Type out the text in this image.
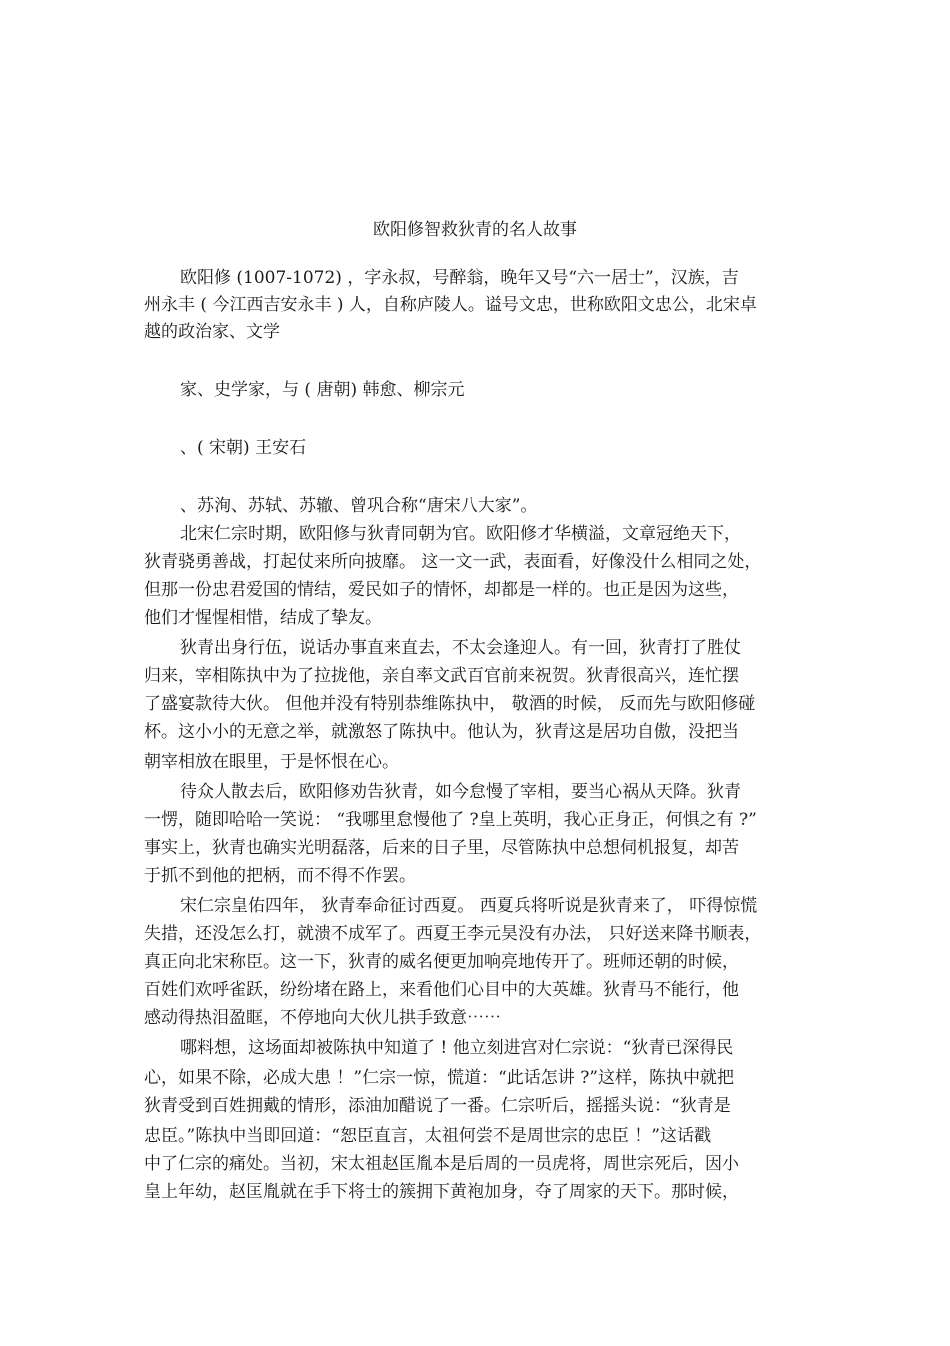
欧阳修智救狄青的名人故事
欧阳修 (1007-1072) ，字永叔，号醉翁，晚年又号“六一居士”，汉族，吉
州永丰 ( 今江西吉安永丰 ) 人，自称庐陵人。谥号文忠，世称欧阳文忠公，北宋卓
越的政治家、文学
家、史学家，与 ( 唐朝) 韩愈、柳宗元
、( 宋朝) 王安石
、苏洵、苏轼、苏辙、曾巩合称“唐宋八大家”。
北宋仁宗时期，欧阳修与狄青同朝为官。欧阳修才华横溢，文章冠绝天下，
狄青骁勇善战，打起仗来所向披靡。 这一文一武，表面看，好像没什么相同之处，
但那一份忠君爱国的情结，爱民如子的情怀，却都是一样的。也正是因为这些，
他们才惺惺相惜，结成了挚友。
狄青出身行伍，说话办事直来直去，不太会逢迎人。有一回，狄青打了胜仗
归来，宰相陈执中为了拉拢他，亲自率文武百官前来祝贺。狄青很高兴，连忙摆
了盛宴款待大伙。 但他并没有特别恭维陈执中， 敬酒的时候， 反而先与欧阳修碰
杯。这小小的无意之举，就激怒了陈执中。他认为，狄青这是居功自傲，没把当
朝宰相放在眼里，于是怀恨在心。
待众人散去后，欧阳修劝告狄青，如今怠慢了宰相，要当心祸从天降。狄青
一愣，随即哈哈一笑说： “我哪里怠慢他了 ?皇上英明，我心正身正，何惧之有 ?”
事实上，狄青也确实光明磊落，后来的日子里，尽管陈执中总想伺机报复，却苦
于抓不到他的把柄，而不得不作罢。
宋仁宗皇佑四年， 狄青奉命征讨西夏。 西夏兵将听说是狄青来了， 吓得惊慌
失措，还没怎么打，就溃不成军了。西夏王李元昊没有办法， 只好送来降书顺表，
真正向北宋称臣。这一下，狄青的威名便更加响亮地传开了。班师还朝的时候，
百姓们欢呼雀跃，纷纷堵在路上，来看他们心目中的大英雄。狄青马不能行，他
感动得热泪盈眶，不停地向大伙儿拱手致意⋯⋯
哪料想，这场面却被陈执中知道了 ! 他立刻进宫对仁宗说：“狄青已深得民
心，如果不除，必成大患 ！”仁宗一惊，慌道：“此话怎讲 ?”这样，陈执中就把
狄青受到百姓拥戴的情形，添油加醋说了一番。仁宗听后，摇摇头说：“狄青是
忠臣。”陈执中当即回道：“恕臣直言，太祖何尝不是周世宗的忠臣 ！”这话戳
中了仁宗的痛处。当初，宋太祖赵匡胤本是后周的一员虎将，周世宗死后，因小
皇上年幼，赵匡胤就在手下将士的簇拥下黄袍加身，夺了周家的天下。那时候，
